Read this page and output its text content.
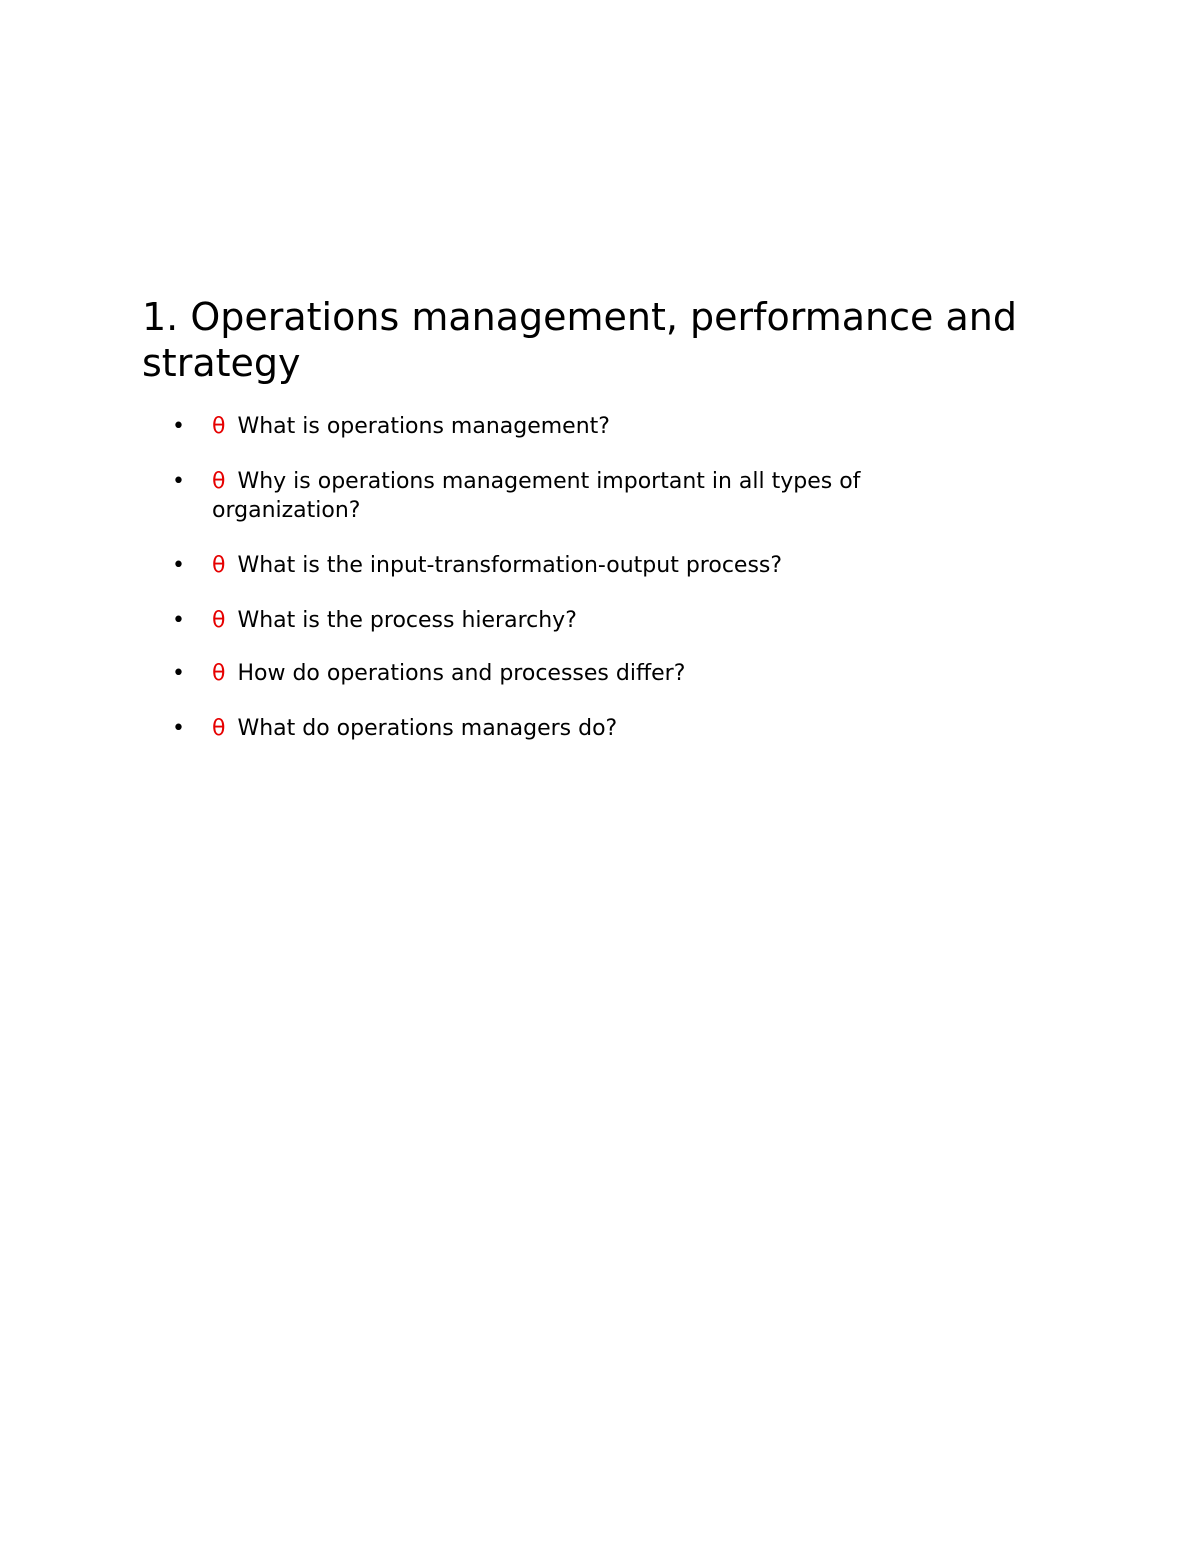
1. Operations management, performance and strategy
• θ What is operations management?
• θ Why is operations management important in all types of organization?
• θ What is the input-transformation-output process?
• θ What is the process hierarchy?
• θ How do operations and processes differ?
• θ What do operations managers do?
